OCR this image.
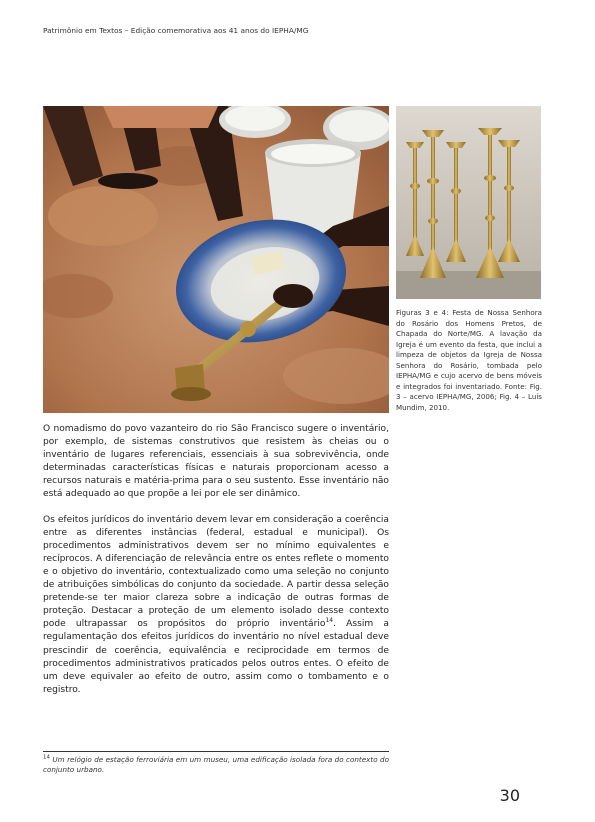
Patrimônio em Textos – Edição comemorativa aos 41 anos do IEPHA/MG
Figuras 3 e 4: Festa de Nossa Senhora do Rosário dos Homens Pretos, de Chapada do Norte/MG. A lavação da Igreja é um evento da festa, que inclui a limpeza de objetos da Igreja de Nossa Senhora do Rosário, tombada pelo IEPHA/MG e cujo acervo de bens móveis e integrados foi inventariado. Fonte: Fig. 3 – acervo IEPHA/MG, 2006; Fig. 4 – Luís Mundim, 2010.

O nomadismo do povo vazanteiro do rio São Francisco sugere o inventário, por exemplo, de sistemas construtivos que resistem às cheias ou o inventário de lugares referenciais, essenciais à sua sobrevivência, onde determinadas características físicas e naturais proporcionam acesso a recursos naturais e matéria-prima para o seu sustento. Esse inventário não está adequado ao que propõe a lei por ele ser dinâmico.

Os efeitos jurídicos do inventário devem levar em consideração a coerência entre as diferentes instâncias (federal, estadual e municipal). Os procedimentos administrativos devem ser no mínimo equivalentes e recíprocos. A diferenciação de relevância entre os entes reflete o momento e o objetivo do inventário, contextualizado como uma seleção no conjunto de atribuições simbólicas do conjunto da sociedade. A partir dessa seleção pretende-se ter maior clareza sobre a indicação de outras formas de proteção. Destacar a proteção de um elemento isolado desse contexto pode ultrapassar os propósitos do próprio inventário$^{14}$. Assim a regulamentação dos efeitos jurídicos do inventário no nível estadual deve prescindir de coerência, equivalência e reciprocidade em termos de procedimentos administrativos praticados pelos outros entes. O efeito de um deve equivaler ao efeito de outro, assim como o tombamento e o registro.

$^{14}$ Um relógio de estação ferroviária em um museu, uma edificação isolada fora do contexto do conjunto urbano.
30
